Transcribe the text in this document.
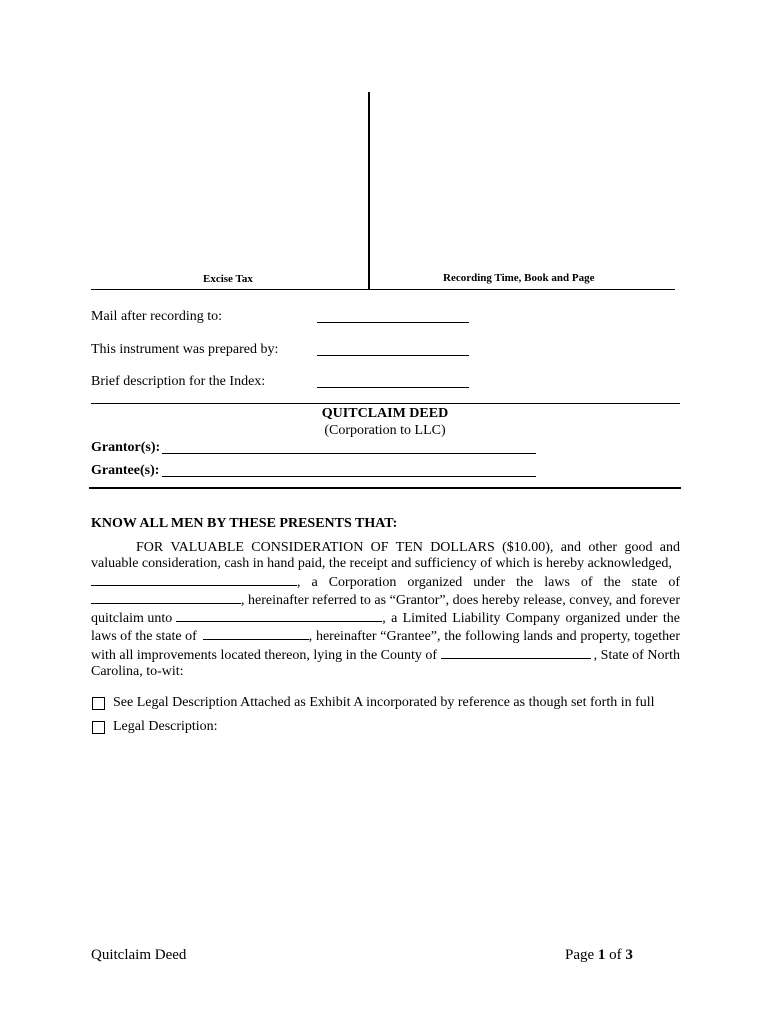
Excise Tax	Recording Time, Book and Page
Mail after recording to:
This instrument was prepared by:
Brief description for the Index:
QUITCLAIM DEED
(Corporation to LLC)
Grantor(s):
Grantee(s):
KNOW ALL MEN BY THESE PRESENTS THAT:

FOR VALUABLE CONSIDERATION OF TEN DOLLARS ($10.00), and other good and valuable consideration, cash in hand paid, the receipt and sufficiency of which is hereby acknowledged,

, a Corporation organized under the laws of the state of

, hereinafter referred to as “Grantor”, does hereby release, convey, and forever

quitclaim unto	, a Limited Liability Company organized under the

laws of the state of	, hereinafter “Grantee”, the following lands and property, together

with all improvements located thereon, lying in the County of	, State of North

Carolina, to-wit:

See Legal Description Attached as Exhibit A incorporated by reference as though set forth in full
Legal Description:
Quitclaim Deed	Page 1 of 3
